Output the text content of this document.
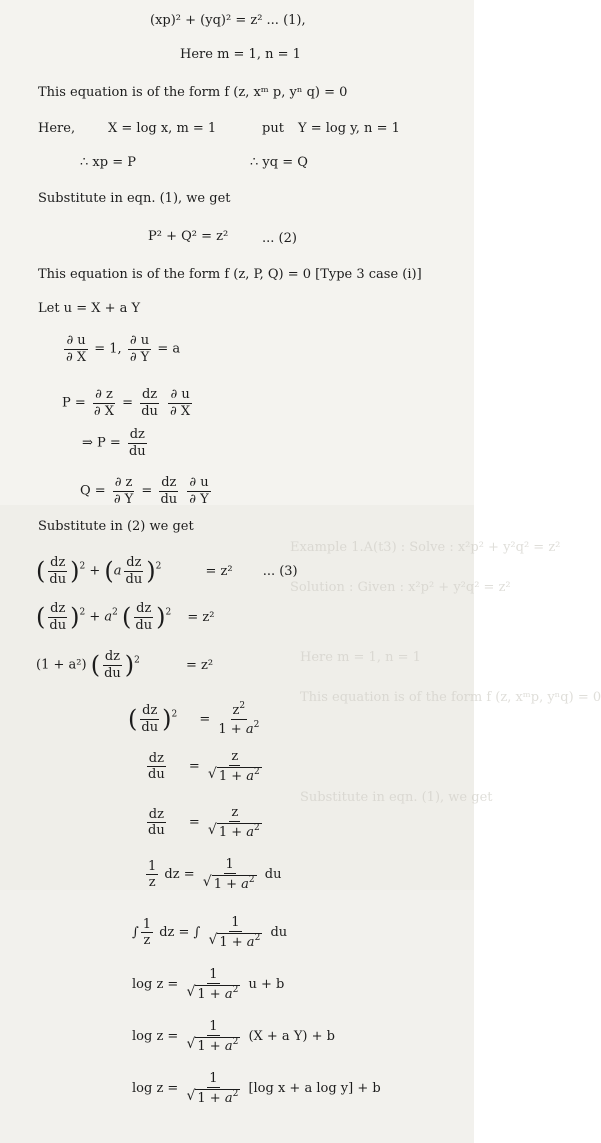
Example 1.A(t3) : Solve : x²p² + y²q² = z²
Solution : Given : x²p² + y²q² = z²
Here m = 1, n = 1
This equation is of the form f (z, xᵐp, yⁿq) = 0
Substitute in eqn. (1), we get
(xp)² + (yq)² = z² ... (1),
Here m = 1, n = 1
This equation is of the form f (z, xᵐ p, yⁿ q) = 0
Here,	X = log x, m = 1	put Y = log y, n = 1
∴ xp = P	∴ yq = Q
Substitute in eqn. (1), we get
P² + Q² = z²	... (2)
This equation is of the form f (z, P, Q) = 0 [Type 3 case (i)]
Let u = X + a Y
$\frac{\partial u}{\partial X} = 1$, $\frac{\partial u}{\partial Y} = a$
$P = \frac{\partial z}{\partial X} = \frac{dz}{du}$
$\frac{\partial u}{\partial X}$
⇒ $P = \frac{dz}{du}$
$Q = \frac{\partial z}{\partial Y} = \frac{dz}{du}$
$\frac{\partial u}{\partial Y}$
Substitute in (2) we get
( $\frac{dz}{du} )^2 + (a \frac{dz}{du} )^2$	= z² ... (3)
( $\frac{dz}{du} )^2 + a^2$ ( $\frac{dz}{du} )^2 = z^2$
(1 + a²) ( $\frac{dz}{du} )^2$	= z²
( $\frac{dz}{du} )^2 = \frac{z^2}{1 + a^2}$
$\frac{dz}{du} = \frac{z}{√ 1 + a^2}$
$\frac{dz}{du} = \frac{z}{√ 1 + a^2}$
$\frac{1}{z}$ dz = $\frac{1}{√ 1 + a^2}$ du
∫ $\frac{1}{z}$ dz = ∫ $\frac{1}{√ 1 + a^2}$ du
$\log z = \frac{1}{√ 1 + a^2}$ u + b
$\log z = \frac{1}{√ 1 + a^2} (X + a$ Y) + b
$\log z = \frac{1}{√ 1 + a^2} [\log$ x + a log y] + b
